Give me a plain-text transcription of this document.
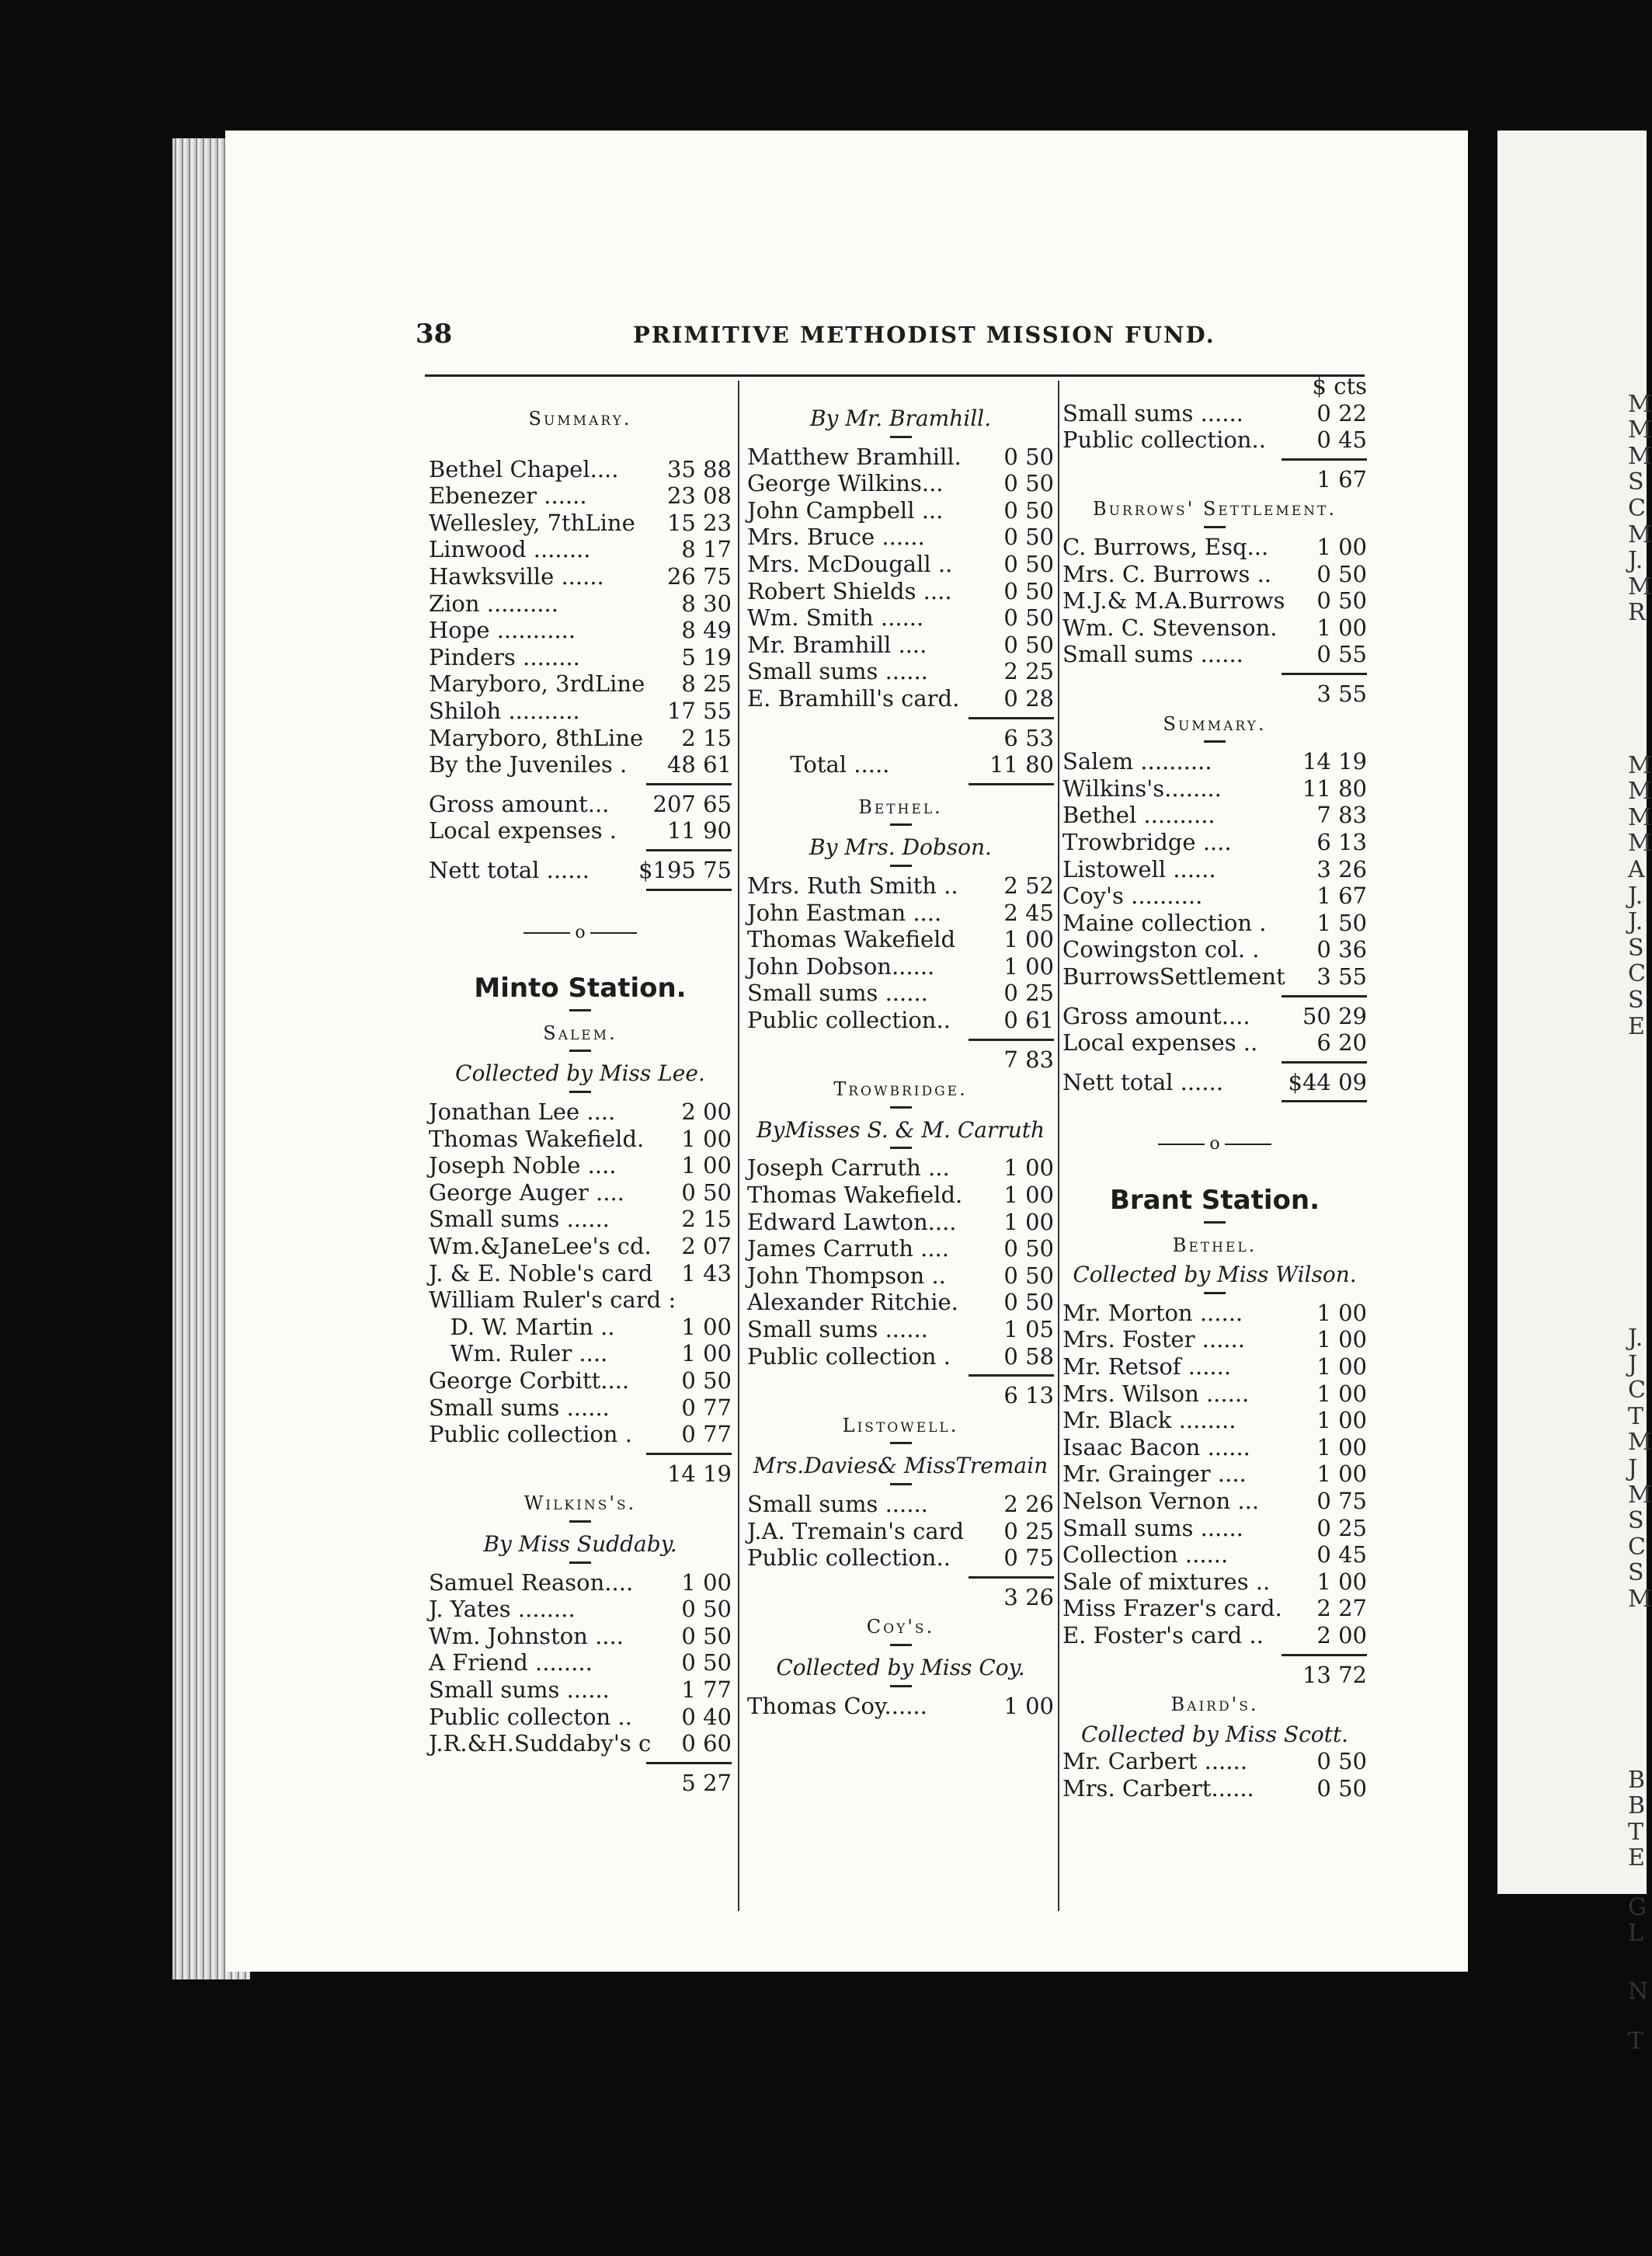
M
M
M
S
C
M
J.
M
R
M
M
M
M
A
J.
J.
S
C
S
E
J.
J
C
T
M
J
M
S
C
S
M
B
B
T
E
G
L
N
T
38	PRIMITIVE METHODIST MISSION FUND.
Summary.
Bethel Chapel.... 35 88
Ebenezer ......	23 08
Wellesley, 7thLine 15 23
Linwood ........	8 17
Hawksville ......	26 75
Zion ..........	8 30
Hope ...........	8 49
Pinders ........	5 19
Maryboro, 3rdLine 8 25
Shiloh ..........	17 55
Maryboro, 8thLine 2 15
By the Juveniles . 48 61
Gross amount... 207 65
Local expenses . 11 90
Nett total ...... $195 75
o
Minto Station.
Salem.
Collected by Miss Lee.
Jonathan Lee ....	2 00
Thomas Wakefield. 1 00
Joseph Noble ....	1 00
George Auger ....	0 50
Small sums ......	2 15
Wm.&JaneLee's cd. 2 07
J. & E. Noble's card 1 43
William Ruler's card :
D. W. Martin ..	1 00
Wm. Ruler ....	1 00
George Corbitt.... 0 50
Small sums ......	0 77
Public collection . 0 77
14 19
Wilkins's.
By Miss Suddaby.
Samuel Reason.... 1 00
J. Yates ........	0 50
Wm. Johnston ....	0 50
A Friend ........	0 50
Small sums ......	1 77
Public collecton .. 0 40
J.R.&H.Suddaby's c 0 60
5 27
By Mr. Bramhill.
Matthew Bramhill. 0 50
George Wilkins...	0 50
John Campbell ...	0 50
Mrs. Bruce ......	0 50
Mrs. McDougall .. 0 50
Robert Shields .... 0 50
Wm. Smith ......	0 50
Mr. Bramhill ....	0 50
Small sums ......	2 25
E. Bramhill's card. 0 28
6 53
Total .....	11 80
Bethel.
By Mrs. Dobson.
Mrs. Ruth Smith .. 2 52
John Eastman ....	2 45
Thomas Wakefield 1 00
John Dobson......	1 00
Small sums ......	0 25
Public collection.. 0 61
7 83
Trowbridge.
ByMisses S. & M. Carruth
Joseph Carruth ... 1 00
Thomas Wakefield. 1 00
Edward Lawton.... 1 00
James Carruth .... 0 50
John Thompson ..	0 50
Alexander Ritchie. 0 50
Small sums ......	1 05
Public collection . 0 58
6 13
Listowell.
Mrs.Davies& MissTremain
Small sums ......	2 26
J.A. Tremain's card 0 25
Public collection.. 0 75
3 26
Coy's.
Collected by Miss Coy.
Thomas Coy......	1 00
$ cts
Small sums ......	0 22
Public collection.. 0 45
1 67
Burrows' Settlement.
C. Burrows, Esq... 1 00
Mrs. C. Burrows .. 0 50
M.J.& M.A.Burrows 0 50
Wm. C. Stevenson. 1 00
Small sums ......	0 55
3 55
Summary.
Salem ..........	14 19
Wilkins's........	11 80
Bethel ..........	7 83
Trowbridge ....	6 13
Listowell ......	3 26
Coy's ..........	1 67
Maine collection . 1 50
Cowingston col. .	0 36
BurrowsSettlement 3 55
Gross amount.... 50 29
Local expenses ..	6 20
Nett total ......	$44 09
o
Brant Station.
Bethel.
Collected by Miss Wilson.
Mr. Morton ......	1 00
Mrs. Foster ......	1 00
Mr. Retsof ......	1 00
Mrs. Wilson ......	1 00
Mr. Black ........	1 00
Isaac Bacon ......	1 00
Mr. Grainger ....	1 00
Nelson Vernon ...	0 75
Small sums ......	0 25
Collection ......	0 45
Sale of mixtures .. 1 00
Miss Frazer's card. 2 27
E. Foster's card .. 2 00
13 72
Baird's.
Collected by Miss Scott.
Mr. Carbert ......	0 50
Mrs. Carbert......	0 50
